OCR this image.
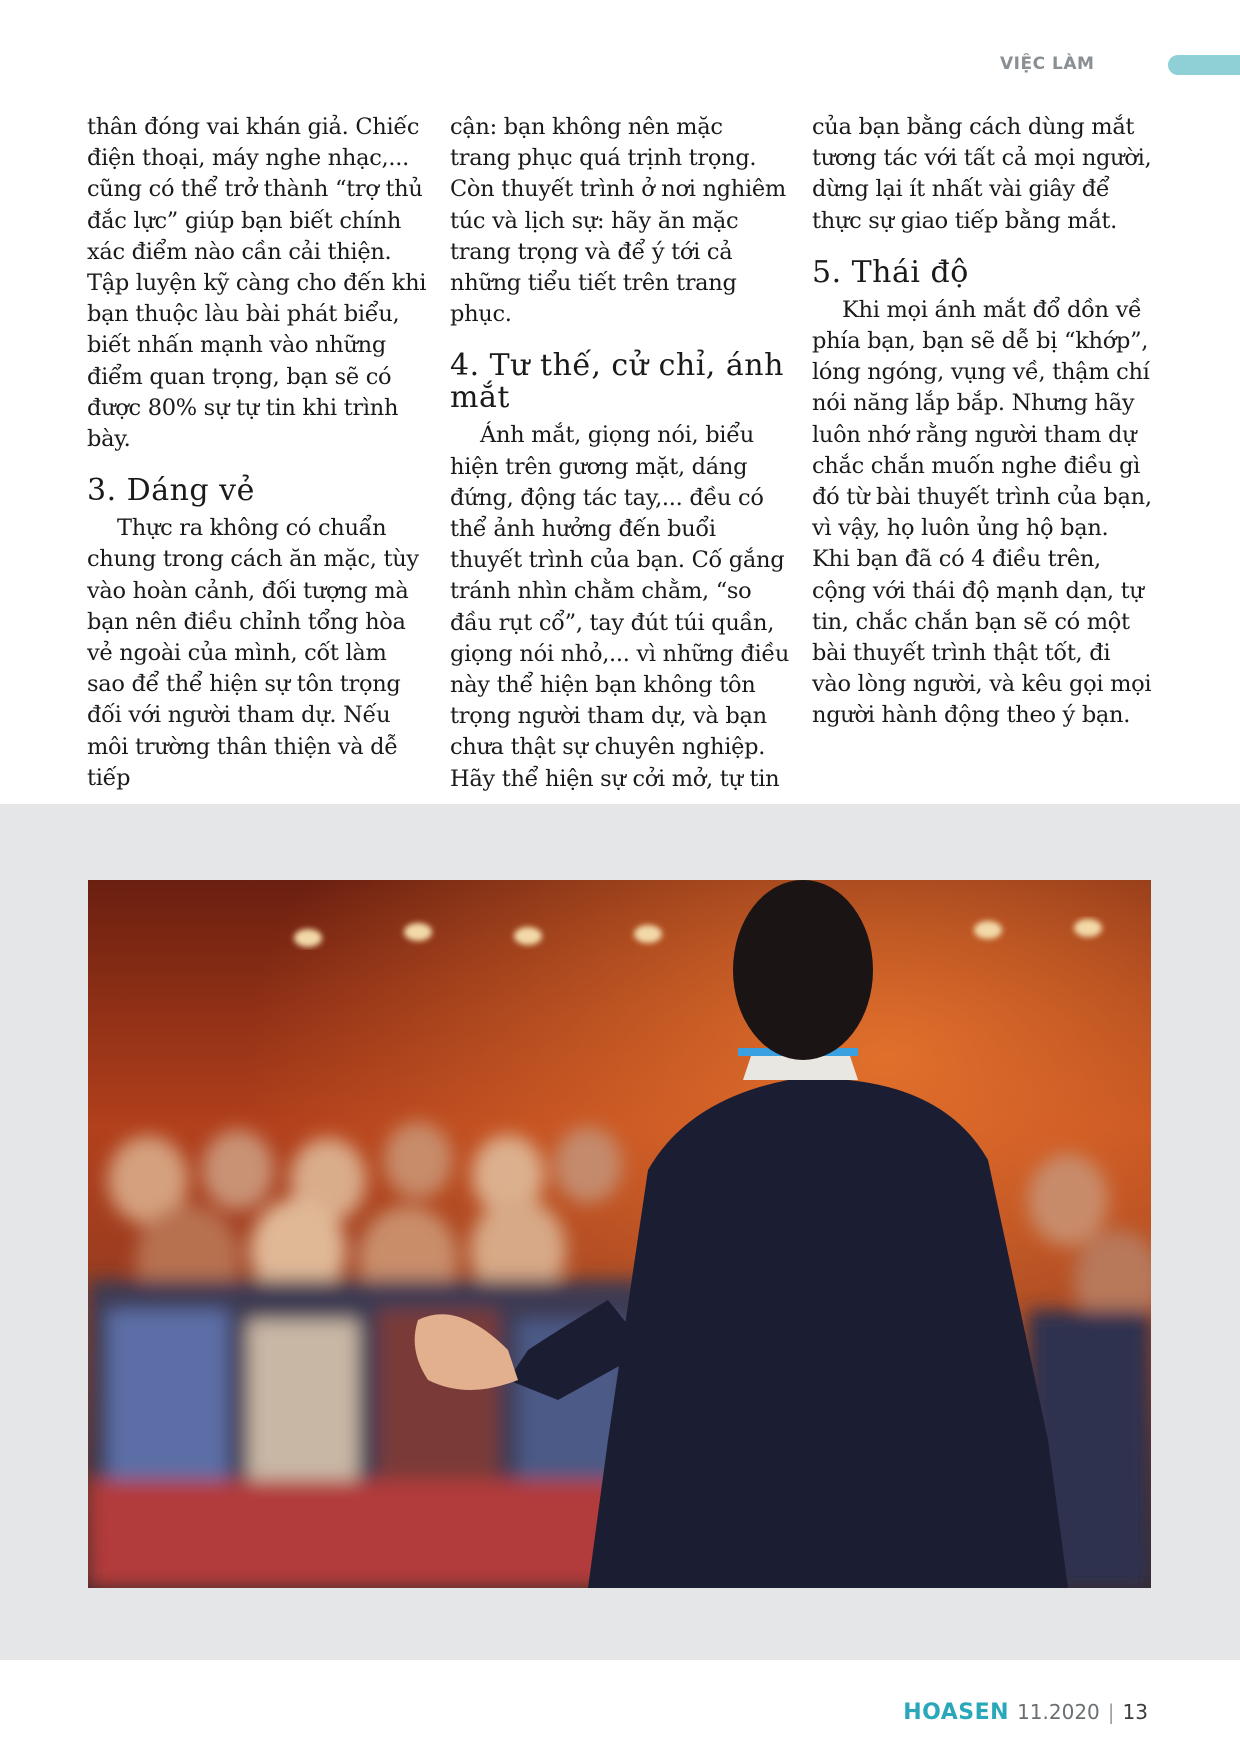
VIỆC LÀM

thân đóng vai khán giả. Chiếc điện thoại, máy nghe nhạc,... cũng có thể trở thành “trợ thủ đắc lực” giúp bạn biết chính xác điểm nào cần cải thiện. Tập luyện kỹ càng cho đến khi bạn thuộc làu bài phát biểu, biết nhấn mạnh vào những điểm quan trọng, bạn sẽ có được 80% sự tự tin khi trình bày.

3. Dáng vẻ

Thực ra không có chuẩn chung trong cách ăn mặc, tùy vào hoàn cảnh, đối tượng mà bạn nên điều chỉnh tổng hòa vẻ ngoài của mình, cốt làm sao để thể hiện sự tôn trọng đối với người tham dự. Nếu môi trường thân thiện và dễ tiếp

cận: bạn không nên mặc trang phục quá trịnh trọng. Còn thuyết trình ở nơi nghiêm túc và lịch sự: hãy ăn mặc trang trọng và để ý tới cả những tiểu tiết trên trang phục.

4. Tư thế, cử chỉ, ánh mắt

Ánh mắt, giọng nói, biểu hiện trên gương mặt, dáng đứng, động tác tay,... đều có thể ảnh hưởng đến buổi thuyết trình của bạn. Cố gắng tránh nhìn chằm chằm, “so đầu rụt cổ”, tay đút túi quần, giọng nói nhỏ,... vì những điều này thể hiện bạn không tôn trọng người tham dự, và bạn chưa thật sự chuyên nghiệp. Hãy thể hiện sự cởi mở, tự tin

của bạn bằng cách dùng mắt tương tác với tất cả mọi người, dừng lại ít nhất vài giây để thực sự giao tiếp bằng mắt.

5. Thái độ

Khi mọi ánh mắt đổ dồn về phía bạn, bạn sẽ dễ bị “khớp”, lóng ngóng, vụng về, thậm chí nói năng lắp bắp. Nhưng hãy luôn nhớ rằng người tham dự chắc chắn muốn nghe điều gì đó từ bài thuyết trình của bạn, vì vậy, họ luôn ủng hộ bạn. Khi bạn đã có 4 điều trên, cộng với thái độ mạnh dạn, tự tin, chắc chắn bạn sẽ có một bài thuyết trình thật tốt, đi vào lòng người, và kêu gọi mọi người hành động theo ý bạn.

HOASEN 11.2020 | 13
